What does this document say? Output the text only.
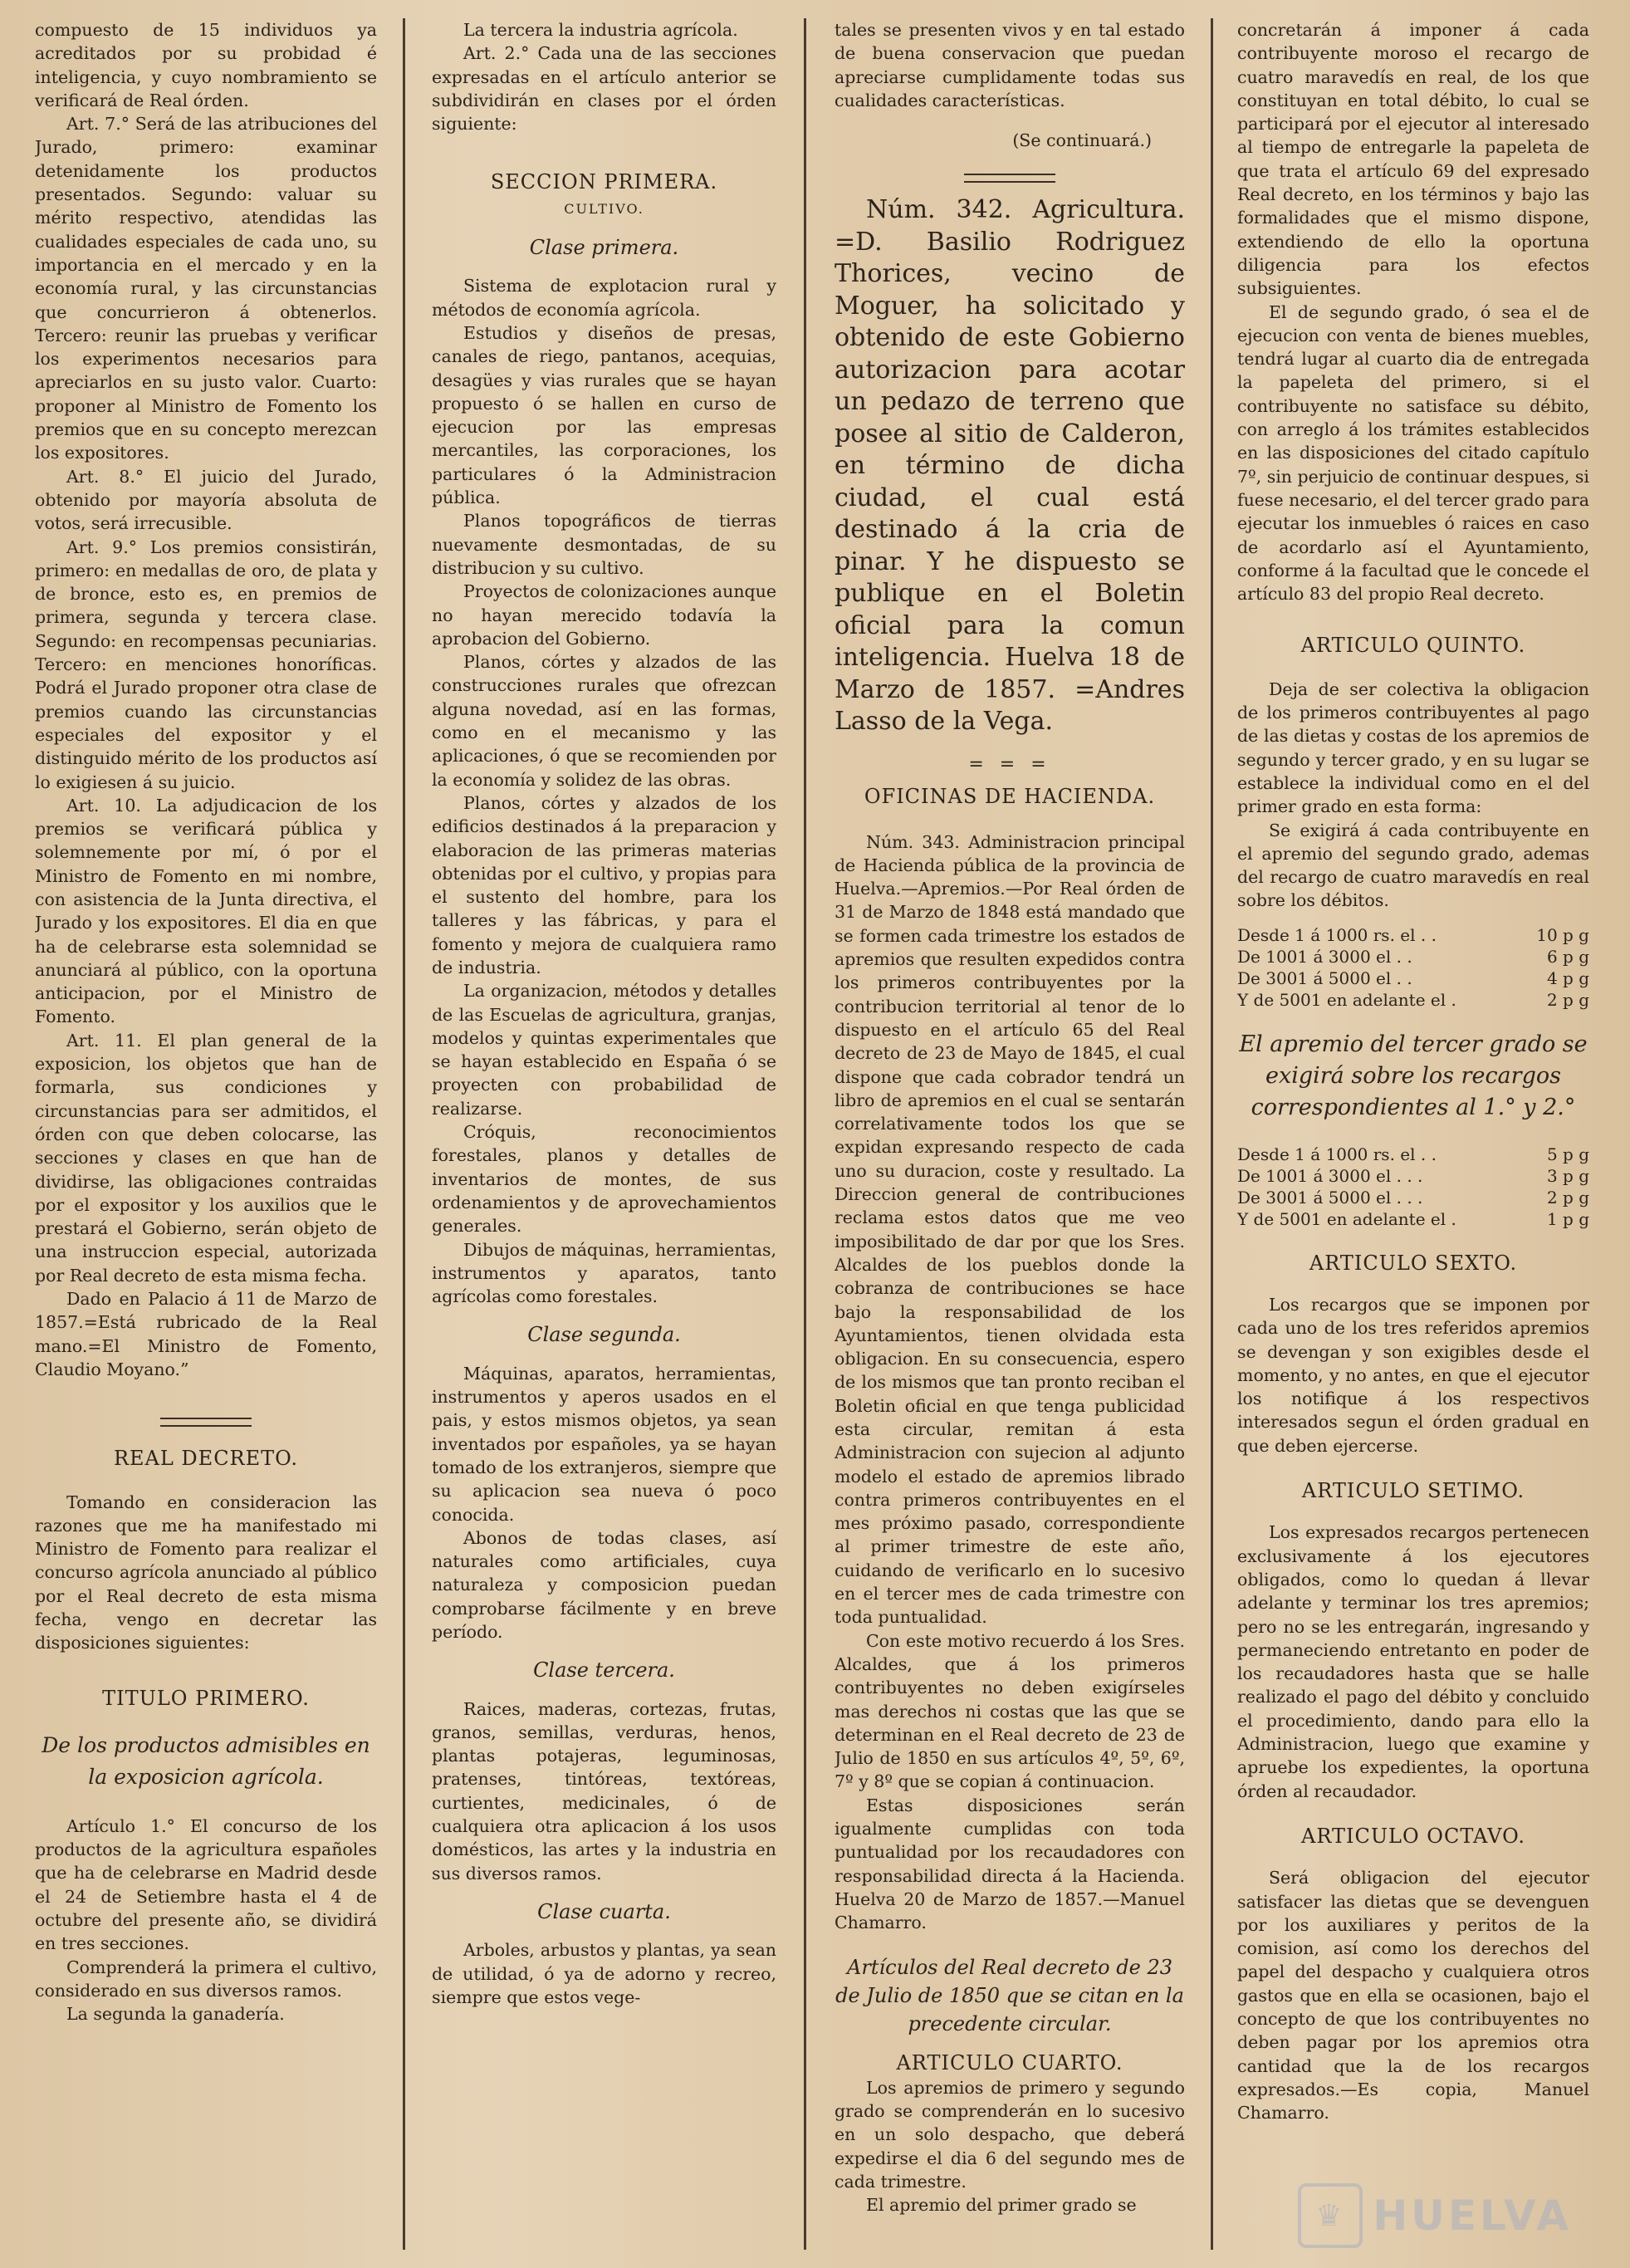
compuesto de 15 individuos ya acreditados por su probidad é inteligencia, y cuyo nombramiento se verificará de Real órden.

Art. 7.° Será de las atribuciones del Jurado, primero: examinar detenidamente los productos presentados. Segundo: valuar su mérito respectivo, atendidas las cualidades especiales de cada uno, su importancia en el mercado y en la economía rural, y las circunstancias que concurrieron á obtenerlos. Tercero: reunir las pruebas y verificar los experimentos necesarios para apreciarlos en su justo valor. Cuarto: proponer al Ministro de Fomento los premios que en su concepto merezcan los expositores.

Art. 8.° El juicio del Jurado, obtenido por mayoría absoluta de votos, será irrecusible.

Art. 9.° Los premios consistirán, primero: en medallas de oro, de plata y de bronce, esto es, en premios de primera, segunda y tercera clase. Segundo: en recompensas pecuniarias. Tercero: en menciones honoríficas. Podrá el Jurado proponer otra clase de premios cuando las circunstancias especiales del expositor y el distinguido mérito de los productos así lo exigiesen á su juicio.

Art. 10. La adjudicacion de los premios se verificará pública y solemnemente por mí, ó por el Ministro de Fomento en mi nombre, con asistencia de la Junta directiva, el Jurado y los expositores. El dia en que ha de celebrarse esta solemnidad se anunciará al público, con la oportuna anticipacion, por el Ministro de Fomento.

Art. 11. El plan general de la exposicion, los objetos que han de formarla, sus condiciones y circunstancias para ser admitidos, el órden con que deben colocarse, las secciones y clases en que han de dividirse, las obligaciones contraidas por el expositor y los auxilios que le prestará el Gobierno, serán objeto de una instruccion especial, autorizada por Real decreto de esta misma fecha.

Dado en Palacio á 11 de Marzo de 1857.=Está rubricado de la Real mano.=El Ministro de Fomento, Claudio Moyano.”

REAL DECRETO.

Tomando en consideracion las razones que me ha manifestado mi Ministro de Fomento para realizar el concurso agrícola anunciado al público por el Real decreto de esta misma fecha, vengo en decretar las disposiciones siguientes:

TITULO PRIMERO.
De los productos admisibles en la exposicion agrícola.

Artículo 1.° El concurso de los productos de la agricultura españoles que ha de celebrarse en Madrid desde el 24 de Setiembre hasta el 4 de octubre del presente año, se dividirá en tres secciones.

Comprenderá la primera el cultivo, considerado en sus diversos ramos.

La segunda la ganadería.

La tercera la industria agrícola.

Art. 2.° Cada una de las secciones expresadas en el artículo anterior se subdividirán en clases por el órden siguiente:

SECCION PRIMERA.
CULTIVO.
Clase primera.

Sistema de explotacion rural y métodos de economía agrícola.

Estudios y diseños de presas, canales de riego, pantanos, acequias, desagües y vias rurales que se hayan propuesto ó se hallen en curso de ejecucion por las empresas mercantiles, las corporaciones, los particulares ó la Administracion pública.

Planos topográficos de tierras nuevamente desmontadas, de su distribucion y su cultivo.

Proyectos de colonizaciones aunque no hayan merecido todavía la aprobacion del Gobierno.

Planos, córtes y alzados de las construcciones rurales que ofrezcan alguna novedad, así en las formas, como en el mecanismo y las aplicaciones, ó que se recomienden por la economía y solidez de las obras.

Planos, córtes y alzados de los edificios destinados á la preparacion y elaboracion de las primeras materias obtenidas por el cultivo, y propias para el sustento del hombre, para los talleres y las fábricas, y para el fomento y mejora de cualquiera ramo de industria.

La organizacion, métodos y detalles de las Escuelas de agricultura, granjas, modelos y quintas experimentales que se hayan establecido en España ó se proyecten con probabilidad de realizarse.

Cróquis, reconocimientos forestales, planos y detalles de inventarios de montes, de sus ordenamientos y de aprovechamientos generales.

Dibujos de máquinas, herramientas, instrumentos y aparatos, tanto agrícolas como forestales.

Clase segunda.

Máquinas, aparatos, herramientas, instrumentos y aperos usados en el pais, y estos mismos objetos, ya sean inventados por españoles, ya se hayan tomado de los extranjeros, siempre que su aplicacion sea nueva ó poco conocida.

Abonos de todas clases, así naturales como artificiales, cuya naturaleza y composicion puedan comprobarse fácilmente y en breve período.

Clase tercera.

Raices, maderas, cortezas, frutas, granos, semillas, verduras, henos, plantas potajeras, leguminosas, pratenses, tintóreas, textóreas, curtientes, medicinales, ó de cualquiera otra aplicacion á los usos domésticos, las artes y la industria en sus diversos ramos.

Clase cuarta.

Arboles, arbustos y plantas, ya sean de utilidad, ó ya de adorno y recreo, siempre que estos vege-

tales se presenten vivos y en tal estado de buena conservacion que puedan apreciarse cumplidamente todas sus cualidades características.

(Se continuará.)

Núm. 342. Agricultura. =D. Basilio Rodriguez Thorices, vecino de Moguer, ha solicitado y obtenido de este Gobierno autorizacion para acotar un pedazo de terreno que posee al sitio de Calderon, en término de dicha ciudad, el cual está destinado á la cria de pinar. Y he dispuesto se publique en el Boletin oficial para la comun inteligencia. Huelva 18 de Marzo de 1857. =Andres Lasso de la Vega.

= = =
OFICINAS DE HACIENDA.

Núm. 343. Administracion principal de Hacienda pública de la provincia de Huelva.—Apremios.—Por Real órden de 31 de Marzo de 1848 está mandado que se formen cada trimestre los estados de apremios que resulten expedidos contra los primeros contribuyentes por la contribucion territorial al tenor de lo dispuesto en el artículo 65 del Real decreto de 23 de Mayo de 1845, el cual dispone que cada cobrador tendrá un libro de apremios en el cual se sentarán correlativamente todos los que se expidan expresando respecto de cada uno su duracion, coste y resultado. La Direccion general de contribuciones reclama estos datos que me veo imposibilitado de dar por que los Sres. Alcaldes de los pueblos donde la cobranza de contribuciones se hace bajo la responsabilidad de los Ayuntamientos, tienen olvidada esta obligacion. En su consecuencia, espero de los mismos que tan pronto reciban el Boletin oficial en que tenga publicidad esta circular, remitan á esta Administracion con sujecion al adjunto modelo el estado de apremios librado contra primeros contribuyentes en el mes próximo pasado, correspondiente al primer trimestre de este año, cuidando de verificarlo en lo sucesivo en el tercer mes de cada trimestre con toda puntualidad.

Con este motivo recuerdo á los Sres. Alcaldes, que á los primeros contribuyentes no deben exigírseles mas derechos ni costas que las que se determinan en el Real decreto de 23 de Julio de 1850 en sus artículos 4º, 5º, 6º, 7º y 8º que se copian á continuacion.

Estas disposiciones serán igualmente cumplidas con toda puntualidad por los recaudadores con responsabilidad directa á la Hacienda. Huelva 20 de Marzo de 1857.—Manuel Chamarro.

Artículos del Real decreto de 23 de Julio de 1850 que se citan en la precedente circular.
ARTICULO CUARTO.

Los apremios de primero y segundo grado se comprenderán en lo sucesivo en un solo despacho, que deberá expedirse el dia 6 del segundo mes de cada trimestre.

El apremio del primer grado se

concretarán á imponer á cada contribuyente moroso el recargo de cuatro maravedís en real, de los que constituyan en total débito, lo cual se participará por el ejecutor al interesado al tiempo de entregarle la papeleta de que trata el artículo 69 del expresado Real decreto, en los términos y bajo las formalidades que el mismo dispone, extendiendo de ello la oportuna diligencia para los efectos subsiguientes.

El de segundo grado, ó sea el de ejecucion con venta de bienes muebles, tendrá lugar al cuarto dia de entregada la papeleta del primero, si el contribuyente no satisface su débito, con arreglo á los trámites establecidos en las disposiciones del citado capítulo 7º, sin perjuicio de continuar despues, si fuese necesario, el del tercer grado para ejecutar los inmuebles ó raices en caso de acordarlo así el Ayuntamiento, conforme á la facultad que le concede el artículo 83 del propio Real decreto.

ARTICULO QUINTO.

Deja de ser colectiva la obligacion de los primeros contribuyentes al pago de las dietas y costas de los apremios de segundo y tercer grado, y en su lugar se establece la individual como en el del primer grado en esta forma:

Se exigirá á cada contribuyente en el apremio del segundo grado, ademas del recargo de cuatro maravedís en real sobre los débitos.

Desde 1 á 1000 rs. el . .	10 p g
De 1001 á 3000 el . .	6 p g
De 3001 á 5000 el . .	4 p g
Y de 5001 en adelante el .	2 p g
El apremio del tercer grado se exigirá sobre los recargos correspondientes al 1.° y 2.°
Desde 1 á 1000 rs. el . .	5 p g
De 1001 á 3000 el . . .	3 p g
De 3001 á 5000 el . . .	2 p g
Y de 5001 en adelante el .	1 p g
ARTICULO SEXTO.

Los recargos que se imponen por cada uno de los tres referidos apremios se devengan y son exigibles desde el momento, y no antes, en que el ejecutor los notifique á los respectivos interesados segun el órden gradual en que deben ejercerse.

ARTICULO SETIMO.

Los expresados recargos pertenecen exclusivamente á los ejecutores obligados, como lo quedan á llevar adelante y terminar los tres apremios; pero no se les entregarán, ingresando y permaneciendo entretanto en poder de los recaudadores hasta que se halle realizado el pago del débito y concluido el procedimiento, dando para ello la Administracion, luego que examine y apruebe los expedientes, la oportuna órden al recaudador.

ARTICULO OCTAVO.

Será obligacion del ejecutor satisfacer las dietas que se devenguen por los auxiliares y peritos de la comision, así como los derechos del papel del despacho y cualquiera otros gastos que en ella se ocasionen, bajo el concepto de que los contribuyentes no deben pagar por los apremios otra cantidad que la de los recargos expresados.—Es copia, Manuel Chamarro.

♛ HUELVA
